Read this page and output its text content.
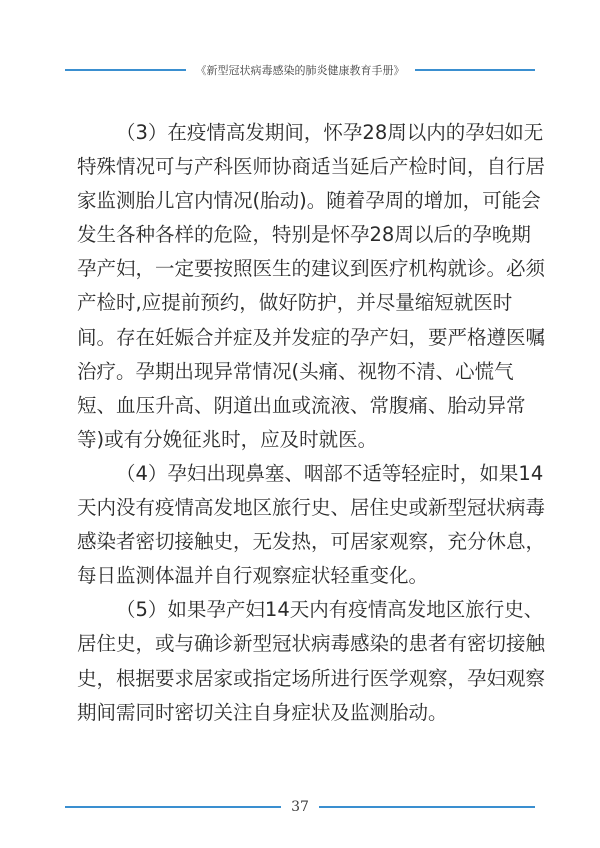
《新型冠状病毒感染的肺炎健康教育手册》

（3）在疫情高发期间，怀孕28周以内的孕妇如无特殊情况可与产科医师协商适当延后产检时间，自行居家监测胎儿宫内情况(胎动)。随着孕周的增加，可能会发生各种各样的危险，特别是怀孕28周以后的孕晚期孕产妇，一定要按照医生的建议到医疗机构就诊。必须产检时,应提前预约，做好防护，并尽量缩短就医时间。存在妊娠合并症及并发症的孕产妇，要严格遵医嘱治疗。孕期出现异常情况(头痛、视物不清、心慌气短、血压升高、阴道出血或流液、常腹痛、胎动异常等)或有分娩征兆时，应及时就医。

（4）孕妇出现鼻塞、咽部不适等轻症时，如果14天内没有疫情高发地区旅行史、居住史或新型冠状病毒感染者密切接触史，无发热，可居家观察，充分休息，每日监测体温并自行观察症状轻重变化。

（5）如果孕产妇14天内有疫情高发地区旅行史、居住史，或与确诊新型冠状病毒感染的患者有密切接触史，根据要求居家或指定场所进行医学观察，孕妇观察期间需同时密切关注自身症状及监测胎动。

37
